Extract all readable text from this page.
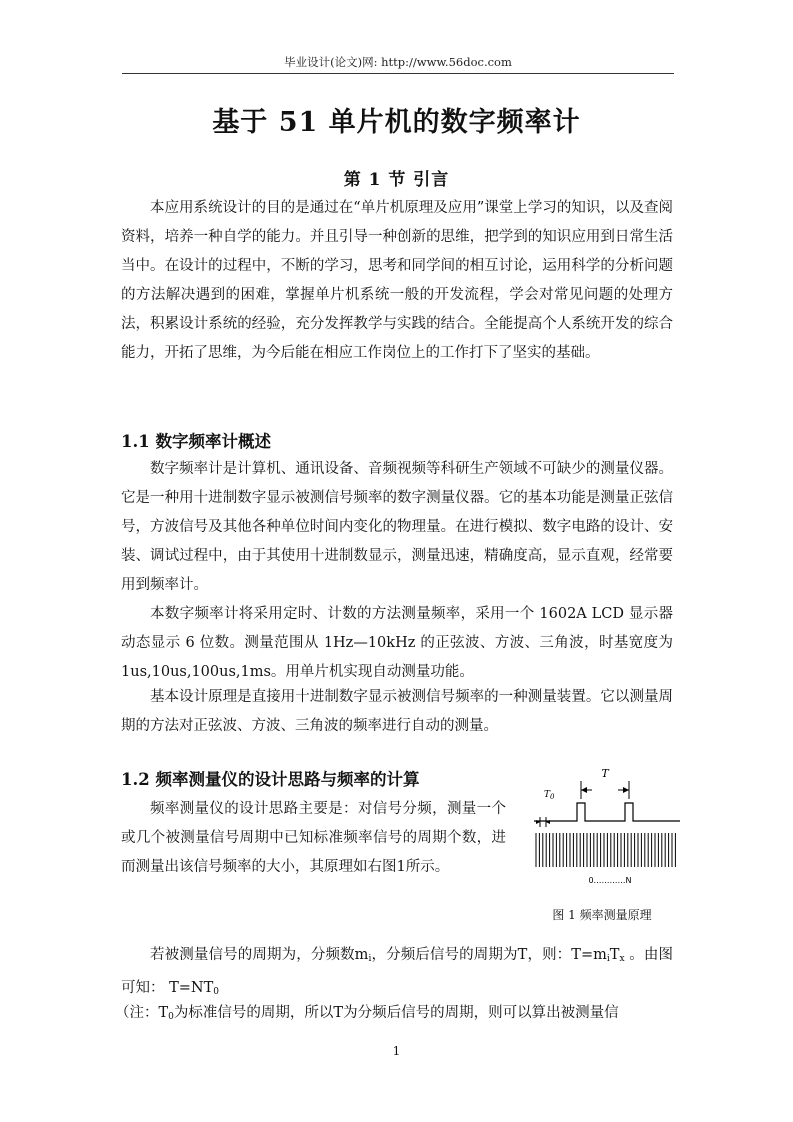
毕业设计(论文)网: http://www.56doc.com
基于 51 单片机的数字频率计
第 1 节 引言

本应用系统设计的目的是通过在“单片机原理及应用”课堂上学习的知识，以及查阅资料，培养一种自学的能力。并且引导一种创新的思维，把学到的知识应用到日常生活当中。在设计的过程中，不断的学习，思考和同学间的相互讨论，运用科学的分析问题的方法解决遇到的困难，掌握单片机系统一般的开发流程，学会对常见问题的处理方法，积累设计系统的经验，充分发挥教学与实践的结合。全能提高个人系统开发的综合能力，开拓了思维，为今后能在相应工作岗位上的工作打下了坚实的基础。

1.1 数字频率计概述

数字频率计是计算机、通讯设备、音频视频等科研生产领域不可缺少的测量仪器。它是一种用十进制数字显示被测信号频率的数字测量仪器。它的基本功能是测量正弦信号，方波信号及其他各种单位时间内变化的物理量。在进行模拟、数字电路的设计、安装、调试过程中，由于其使用十进制数显示，测量迅速，精确度高，显示直观，经常要用到频率计。

本数字频率计将采用定时、计数的方法测量频率，采用一个 1602A LCD 显示器动态显示 6 位数。测量范围从 1Hz—10kHz 的正弦波、方波、三角波，时基宽度为 1us,10us,100us,1ms。用单片机实现自动测量功能。

基本设计原理是直接用十进制数字显示被测信号频率的一种测量装置。它以测量周期的方法对正弦波、方波、三角波的频率进行自动的测量。

1.2 频率测量仪的设计思路与频率的计算

频率测量仪的设计思路主要是：对信号分频，测量一个或几个被测量信号周期中已知标准频率信号的周期个数，进而测量出该信号频率的大小，其原理如右图1所示。

T
$T_0$
0…………N
图 1 频率测量原理

若被测量信号的周期为，分频数$m_i$，分频后信号的周期为T，则：$T=m_iT_x$ 。由图可知： $T=NT_0$

（注：$T_0$为标准信号的周期，所以T为分频后信号的周期，则可以算出被测量信

1
